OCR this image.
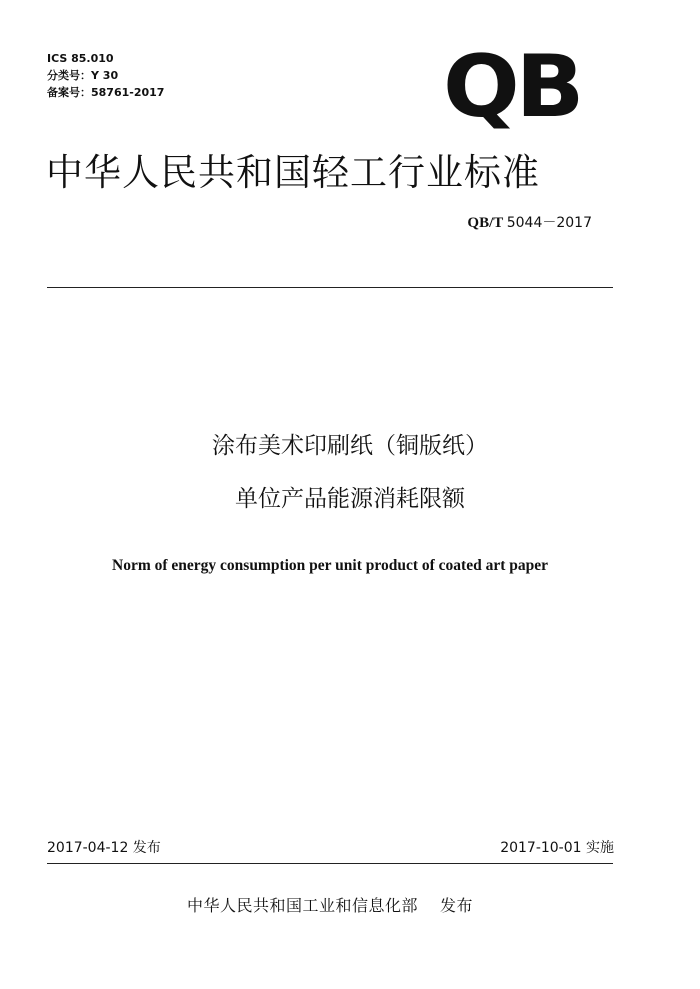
ICS 85.010
分类号：Y 30
备案号：58761-2017	QB
中华人民共和国轻工行业标准
QB/T 5044－2017
涂布美术印刷纸（铜版纸）
单位产品能源消耗限额
Norm of energy consumption per unit product of coated art paper
2017-04-12 发布	2017-10-01 实施
中华人民共和国工业和信息化部 发布
